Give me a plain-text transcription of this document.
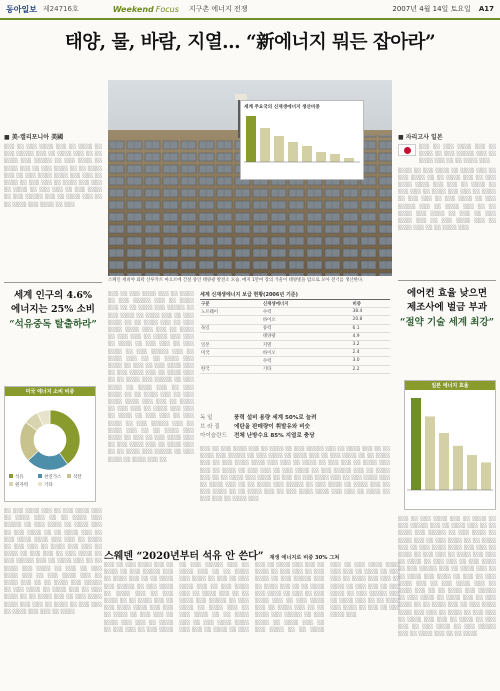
동아일보 제24716호	Weekend Focus 지구촌 에너지 전쟁	2007년 4월 14일 토요일 A17
태양, 물, 바람, 지열… “新에너지 뭐든 잡아라”
세계 주요국의 신재생에너지 생산비중
스페인 세비야 외곽 산루카르 마요르에 건설 중인 태양광 발전소 모습. 메지 1만여 장의 거울이 태양빛을 탑으로 모아 전기를 생산한다.
■ 美·캘리포니아 美國
░░░ ░░ ░░░ ░░░░ ░░░ ░░ ░░░░ ░░ ░░░ ░░░░░ ░░░ ░░ ░░░░ ░░░ ░░ ░░ ░░░░ ░░░ ░░░░░ ░░ ░░░ ░░░░ ░░ ░░░░ ░░░ ░░ ░░░ ░░░░ ░░ ░░ ░░░░ ░░░ ░░ ░░░ ░░░░ ░░░░ ░░░ ░░░ ░░ ░░░░ ░░ ░░░ ░░░ ░░ ░░░░ ░░░ ░░░ ░░ ░░░░ ░░ ░░░ ░░░ ░░ ░░░ ░░░░ ░░ ░░░ ░░░░░ ░░░ ░░ ░░░░ ░░░ ░░ ░░ ░░░░ ░░░ ░░░░ ░░ ░░░
세계 인구의 4.6%
에너지는 25% 소비
“석유중독 탈출하라”
미국 에너지 소비 비중
석유	천연가스	석탄
원자력	기타
░░ ░░░ ░░░░ ░░░ ░░ ░░░ ░░░░ ░░░ ░░ ░░░░ ░░░ ░░ ░░ ░░░░ ░░░ ░░░░░ ░░ ░░░ ░░░░ ░░ ░░░░ ░░░ ░░ ░░░ ░░░░ ░░ ░░ ░░░░ ░░░ ░░ ░░░ ░░░░ ░░░░ ░░░ ░░░ ░░ ░░░░ ░░ ░░░ ░░░ ░░ ░░░░ ░░░ ░░░ ░░ ░░░░ ░░ ░░░ ░░░ ░░ ░░░ ░░░░ ░░ ░░░ ░░░░░ ░░░ ░░ ░░░░ ░░░ ░░ ░░ ░░░░ ░░░ ░░░░ ░░ ░░░ ░░ ░░░ ░░░░ ░░░ ░░ ░░░ ░░░░ ░░░ ░░ ░░░░ ░░░ ░░ ░░ ░░░░ ░░░ ░░░░░ ░░ ░░░ ░░░░ ░░ ░░░░ ░░░ ░░ ░░░ ░░░░ ░░ ░░ ░░░░ ░░░ ░░ ░░░ ░░░░ ░░░░ ░░░ ░░░ ░░ ░░░░ ░░ ░░░ ░░░ ░░ ░░░░ ░░░ ░░░ ░░ ░░░░
░░░ ░░ ░░░ ░░░░ ░░░ ░░ ░░░░ ░░ ░░░ ░░░░░ ░░░ ░░ ░░░░ ░░░ ░░ ░░ ░░░░ ░░░ ░░░░░ ░░ ░░░ ░░░░ ░░ ░░░░ ░░░ ░░ ░░░ ░░░░ ░░ ░░ ░░░░ ░░░ ░░ ░░░ ░░░░ ░░░░ ░░░ ░░░ ░░ ░░░░ ░░ ░░░ ░░░ ░░ ░░░░ ░░░ ░░░ ░░ ░░░░ ░░ ░░░ ░░░ ░░ ░░░ ░░░░ ░░ ░░░ ░░░░░ ░░░ ░░ ░░░░ ░░░ ░░ ░░ ░░░░ ░░░ ░░░░ ░░ ░░░ ░░ ░░░ ░░░░ ░░░ ░░ ░░░ ░░░░ ░░░ ░░ ░░░░ ░░░ ░░ ░░ ░░░░ ░░░ ░░░░░ ░░ ░░░ ░░░░ ░░ ░░░░ ░░░ ░░ ░░░ ░░░░ ░░ ░░ ░░░░ ░░░ ░░ ░░░ ░░░░ ░░░░ ░░░ ░░░ ░░ ░░░░ ░░ ░░░ ░░░ ░░ ░░░░ ░░░ ░░░ ░░ ░░░░ ░░ ░░░ ░░░ ░░ ░░░ ░░░░ ░░ ░░░ ░░░░░ ░░░ ░░ ░░░░ ░░░ ░░ ░░ ░░░░ ░░░ ░░░░ ░░ ░░░ ░░ ░░░ ░░░░ ░░░ ░░ ░░░ ░░░░ ░░░ ░░ ░░░░ ░░░ ░░ ░░ ░░░░ ░░░ ░░░░░ ░░ ░░░ ░░░░ ░░ ░░░░ ░░░ ░░
세계 신재생에너지 보급 현황(2006년 기준)
구분	신재생에너지	비중
노르웨이	수력	38.4
	바이오	20.8
독일	풍력	6.1
	태양광	4.9
일본	지열	3.2
미국	바이오	2.4
	수력	3.0
한국	기타	2.2
독 일	풍력 설비 용량 세계 50%로 늘려
브 라 질	에탄올 판매량이 휘발유와 비슷
아이슬란드 전체 난방수요 85% 지열로 충당
░░░ ░░ ░░░ ░░░░ ░░░ ░░ ░░░░ ░░ ░░░ ░░░░░ ░░░ ░░ ░░░░ ░░░ ░░ ░░ ░░░░ ░░░ ░░░░░ ░░ ░░░ ░░░░ ░░ ░░░░ ░░░ ░░ ░░░ ░░░░ ░░ ░░ ░░░░ ░░░ ░░ ░░░ ░░░░ ░░░░ ░░░ ░░░ ░░ ░░░░ ░░ ░░░ ░░░ ░░ ░░░░ ░░░ ░░░ ░░ ░░░░ ░░ ░░░ ░░░ ░░ ░░░ ░░░░ ░░ ░░░ ░░░░░ ░░░ ░░ ░░░░ ░░░ ░░ ░░ ░░░░ ░░░ ░░░░ ░░ ░░░ ░░ ░░░ ░░░░ ░░░ ░░ ░░░ ░░░░ ░░░ ░░ ░░░░ ░░░ ░░ ░░ ░░░░ ░░░ ░░░░░ ░░ ░░░ ░░░░ ░░ ░░░░ ░░░ ░░ ░░░ ░░░░ ░░ ░░ ░░░░ ░░░ ░░ ░░░ ░░░░ ░░░░ ░░░ ░░░ ░░ ░░░░ ░░ ░░░ ░░░ ░░ ░░░░ ░░░
스웨덴 “2020년부터 석유 안 쓴다” 재생 에너지로 비중 30% 그쳐
░░░ ░░ ░░░ ░░░░ ░░░ ░░ ░░░░ ░░ ░░░ ░░░░░ ░░░ ░░ ░░░░ ░░░ ░░ ░░ ░░░░ ░░░ ░░░░░ ░░ ░░░ ░░░░ ░░ ░░░░ ░░░ ░░ ░░░ ░░░░ ░░ ░░ ░░░░ ░░░ ░░ ░░░ ░░░░ ░░░░ ░░░ ░░░ ░░ ░░░░ ░░ ░░░ ░░░ ░░ ░░░░ ░░░ ░░░ ░░ ░░░░ ░░ ░░░ ░░░ ░░ ░░░ ░░░░ ░░ ░░░ ░░░░░ ░░░ ░░ ░░░░ ░░░ ░░ ░░ ░░░░ ░░░ ░░░░ ░░ ░░░ ░░ ░░░ ░░░░ ░░░ ░░ ░░░ ░░░░ ░░░ ░░ ░░░░ ░░░ ░░ ░░ ░░░░ ░░░ ░░░░░ ░░ ░░░ ░░░░ ░░ ░░░░ ░░░ ░░ ░░░ ░░░░ ░░ ░░ ░░░░ ░░░ ░░ ░░░ ░░░░ ░░░░ ░░░ ░░░ ░░ ░░░░ ░░ ░░░ ░░░ ░░ ░░░░ ░░░ ░░░ ░░ ░░░░ ░░ ░░░ ░░░ ░░ ░░░ ░░░░ ░░ ░░░ ░░░░░ ░░░ ░░ ░░░░ ░░░ ░░ ░░ ░░░░ ░░░ ░░░░ ░░ ░░░ ░░ ░░░ ░░░░ ░░░ ░░ ░░░ ░░░░ ░░░ ░░ ░░░░ ░░░ ░░ ░░ ░░░░ ░░░ ░░░░░ ░░ ░░░ ░░░░ ░░ ░░░░ ░░░ ░░ ░░░ ░░░░ ░░ ░░ ░░░░ ░░░ ░░ ░░░ ░░░░ ░░░░ ░░░ ░░░ ░░ ░░░░ ░░ ░░░ ░░░ ░░ ░░░░ ░░░ ░░░ ░░ ░░░░ ░░ ░░░ ░░░ ░░ ░░░ ░░░░ ░░ ░░░ ░░░░░ ░░░ ░░ ░░░░ ░░░ ░░ ░░ ░░░░ ░░░ ░░░░ ░░ ░░░ ░░ ░░░ ░░░░ ░░░
■ 자리고사 일본
░░░ ░░ ░░░ ░░░░ ░░░ ░░ ░░░░ ░░ ░░░ ░░░░░ ░░░ ░░ ░░░░ ░░░ ░░ ░░ ░░░░ ░░░
░░░░ ░░ ░░░ ░░░░ ░░ ░░░░ ░░░ ░░ ░░░ ░░░░ ░░ ░░ ░░░░ ░░░ ░░ ░░░ ░░░░ ░░░░ ░░░ ░░░ ░░ ░░░░ ░░ ░░░ ░░░ ░░ ░░░░ ░░░ ░░░ ░░ ░░░░ ░░ ░░░ ░░░ ░░ ░░░ ░░░░ ░░ ░░░ ░░░░░ ░░░ ░░ ░░░░ ░░░ ░░ ░░ ░░░░ ░░░ ░░░░ ░░ ░░░ ░░ ░░░ ░░░░ ░░░ ░░ ░░░ ░░░░ ░░░ ░░ ░░░░ ░░░ ░░ ░░ ░░░░ ░░░
에어컨 효율 낮으면
제조사에 벌금 부과
“절약 기술 세계 최강”
일본 에너지 효율
░░░ ░░ ░░░ ░░░░ ░░░ ░░ ░░░░ ░░ ░░░ ░░░░░ ░░░ ░░ ░░░░ ░░░ ░░ ░░ ░░░░ ░░░ ░░░░░ ░░ ░░░ ░░░░ ░░ ░░░░ ░░░ ░░ ░░░ ░░░░ ░░ ░░ ░░░░ ░░░ ░░ ░░░ ░░░░ ░░░░ ░░░ ░░░ ░░ ░░░░ ░░ ░░░ ░░░ ░░ ░░░░ ░░░ ░░░ ░░ ░░░░ ░░ ░░░ ░░░ ░░ ░░░ ░░░░ ░░ ░░░ ░░░░░ ░░░ ░░ ░░░░ ░░░ ░░ ░░ ░░░░ ░░░ ░░░░ ░░ ░░░ ░░ ░░░ ░░░░ ░░░ ░░ ░░░ ░░░░ ░░░ ░░ ░░░░ ░░░ ░░ ░░ ░░░░ ░░░ ░░░░░ ░░ ░░░ ░░░░ ░░ ░░░░ ░░░ ░░ ░░░ ░░░░ ░░ ░░ ░░░░ ░░░ ░░ ░░░ ░░░░ ░░░░ ░░░ ░░░ ░░ ░░░░ ░░ ░░░ ░░░ ░░ ░░░░ ░░░ ░░░ ░░ ░░░░ ░░ ░░░ ░░░ ░░ ░░░ ░░░░ ░░ ░░░ ░░░░░ ░░░ ░░ ░░░░ ░░░ ░░ ░░ ░░░░
